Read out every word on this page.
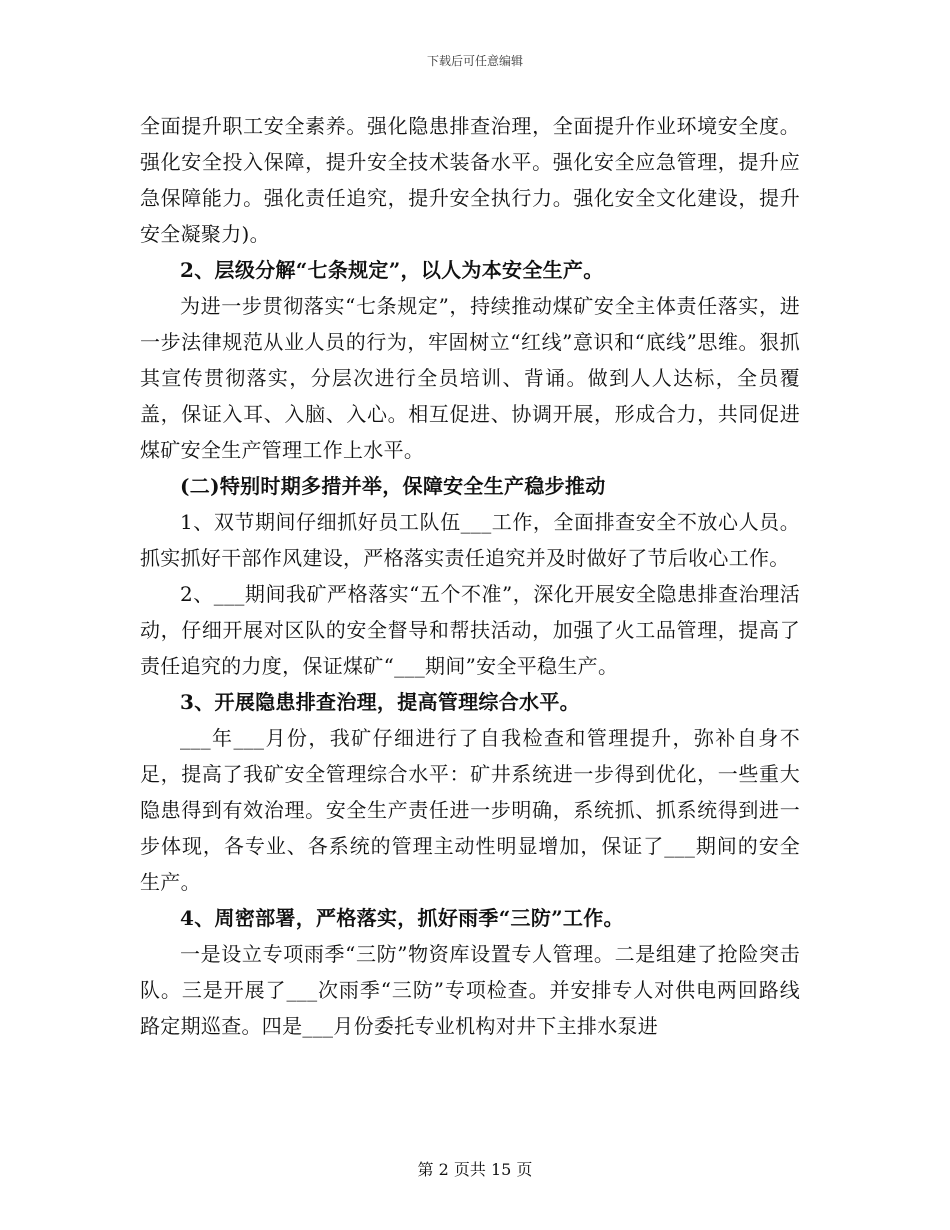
下载后可任意编辑

全面提升职工安全素养。强化隐患排查治理，全面提升作业环境安全度。强化安全投入保障，提升安全技术装备水平。强化安全应急管理，提升应急保障能力。强化责任追究，提升安全执行力。强化安全文化建设，提升安全凝聚力)。

2、层级分解“七条规定”，以人为本安全生产。

为进一步贯彻落实“七条规定”，持续推动煤矿安全主体责任落实，进一步法律规范从业人员的行为，牢固树立“红线”意识和“底线”思维。狠抓其宣传贯彻落实，分层次进行全员培训、背诵。做到人人达标，全员覆盖，保证入耳、入脑、入心。相互促进、协调开展，形成合力，共同促进煤矿安全生产管理工作上水平。

(二)特别时期多措并举，保障安全生产稳步推动

1、双节期间仔细抓好员工队伍___工作，全面排查安全不放心人员。抓实抓好干部作风建设，严格落实责任追究并及时做好了节后收心工作。

2、___期间我矿严格落实“五个不准”，深化开展安全隐患排查治理活动，仔细开展对区队的安全督导和帮扶活动，加强了火工品管理，提高了责任追究的力度，保证煤矿“___期间”安全平稳生产。

3、开展隐患排查治理，提高管理综合水平。

___年___月份，我矿仔细进行了自我检查和管理提升，弥补自身不足，提高了我矿安全管理综合水平：矿井系统进一步得到优化，一些重大隐患得到有效治理。安全生产责任进一步明确，系统抓、抓系统得到进一步体现，各专业、各系统的管理主动性明显增加，保证了___期间的安全生产。

4、周密部署，严格落实，抓好雨季“三防”工作。

一是设立专项雨季“三防”物资库设置专人管理。二是组建了抢险突击队。三是开展了___次雨季“三防”专项检查。并安排专人对供电两回路线路定期巡查。四是___月份委托专业机构对井下主排水泵进

第 2 页共 15 页
